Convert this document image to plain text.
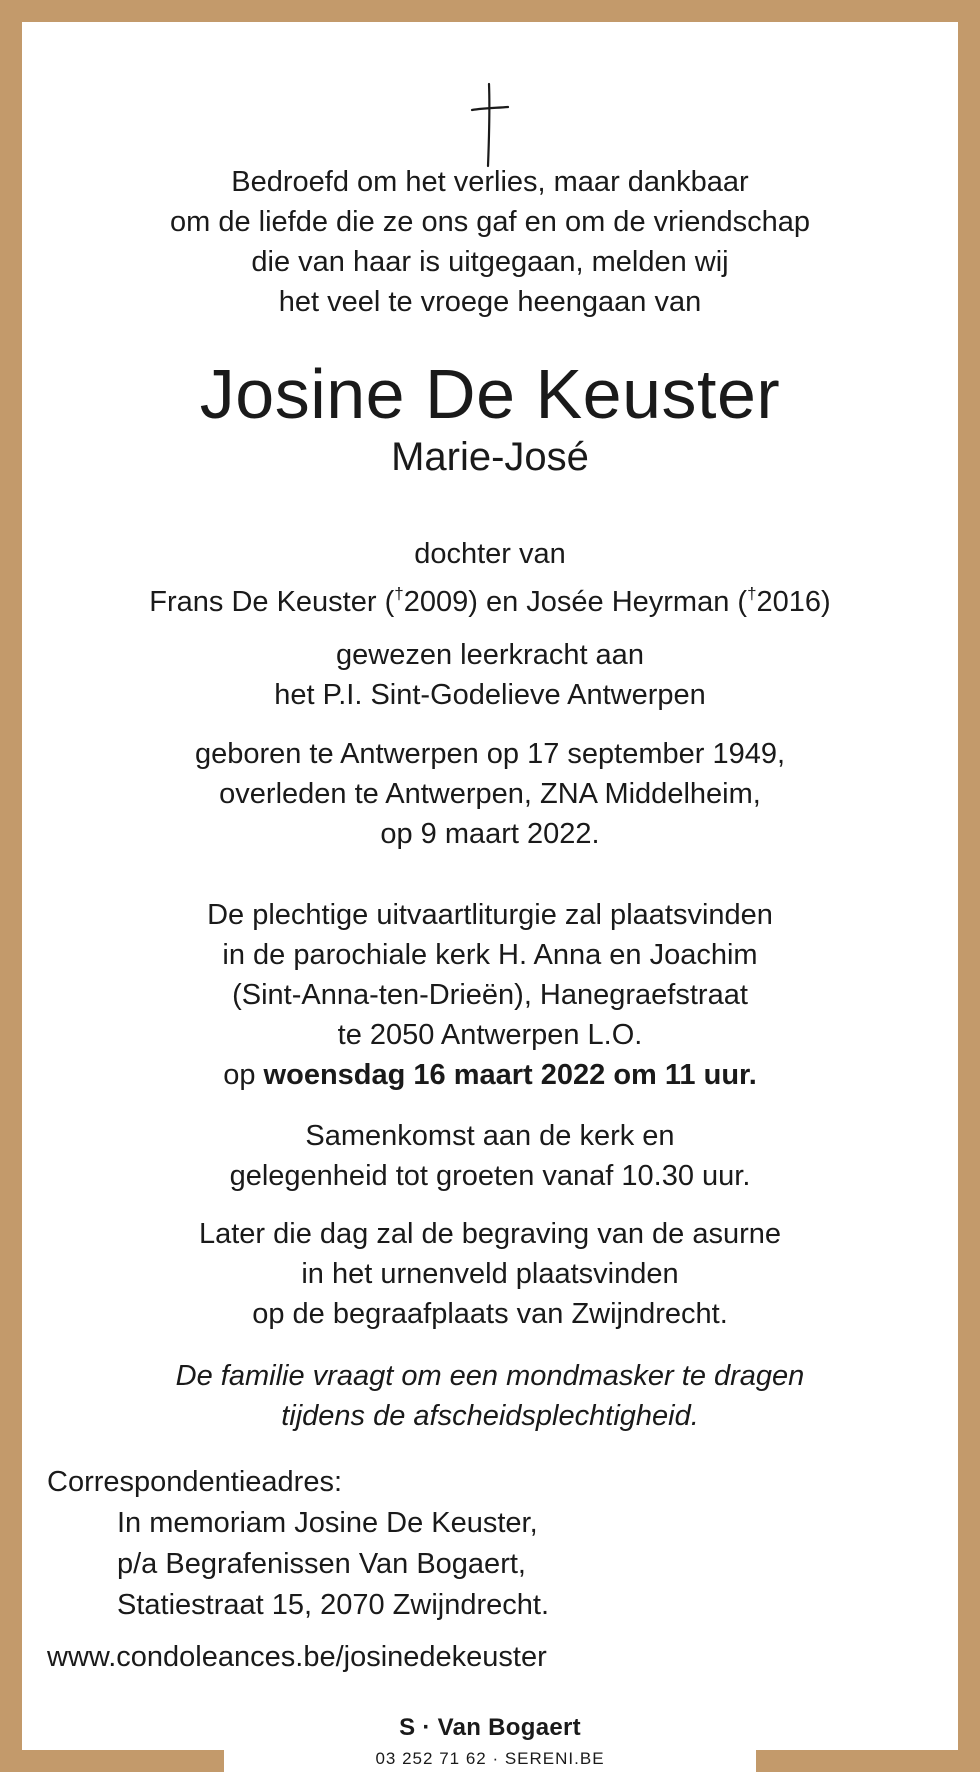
Bedroefd om het verlies, maar dankbaar
om de liefde die ze ons gaf en om de vriendschap
die van haar is uitgegaan, melden wij
het veel te vroege heengaan van
Josine De Keuster
Marie-José
dochter van
Frans De Keuster (†2009) en Josée Heyrman (†2016)
gewezen leerkracht aan
het P.I. Sint-Godelieve Antwerpen
geboren te Antwerpen op 17 september 1949,
overleden te Antwerpen, ZNA Middelheim,
op 9 maart 2022.
De plechtige uitvaartliturgie zal plaatsvinden
in de parochiale kerk H. Anna en Joachim
(Sint-Anna-ten-Drieën), Hanegraefstraat
te 2050 Antwerpen L.O.
op woensdag 16 maart 2022 om 11 uur.
Samenkomst aan de kerk en
gelegenheid tot groeten vanaf 10.30 uur.
Later die dag zal de begraving van de asurne
in het urnenveld plaatsvinden
op de begraafplaats van Zwijndrecht.
De familie vraagt om een mondmasker te dragen
tijdens de afscheidsplechtigheid.
Correspondentieadres:
In memoriam Josine De Keuster,
p/a Begrafenissen Van Bogaert,
Statiestraat 15, 2070 Zwijndrecht.
www.condoleances.be/josinedekeuster
S · Van Bogaert
03 252 71 62 · SERENI.BE
